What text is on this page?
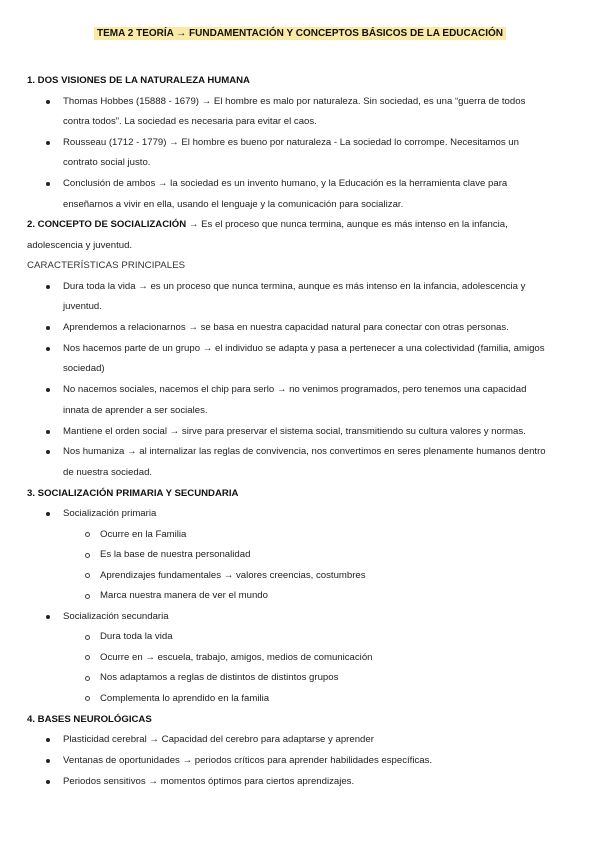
TEMA 2 TEORÍA → FUNDAMENTACIÓN Y CONCEPTOS BÁSICOS DE LA EDUCACIÓN

1. DOS VISIONES DE LA NATURALEZA HUMANA

Thomas Hobbes (15888 - 1679) → El hombre es malo por naturaleza. Sin sociedad, es una “guerra de todos contra todos”. La sociedad es necesaria para evitar el caos.
Rousseau (1712 - 1779) → El hombre es bueno por naturaleza - La sociedad lo corrompe. Necesitamos un contrato social justo.
Conclusión de ambos → la sociedad es un invento humano, y la Educación es la herramienta clave para enseñarnos a vivir en ella, usando el lenguaje y la comunicación para socializar.

2. CONCEPTO DE SOCIALIZACIÓN → Es el proceso que nunca termina, aunque es más intenso en la infancia, adolescencia y juventud.

CARACTERÍSTICAS PRINCIPALES

Dura toda la vida → es un proceso que nunca termina, aunque es más intenso en la infancia, adolescencia y juventud.
Aprendemos a relacionarnos → se basa en nuestra capacidad natural para conectar con otras personas.
Nos hacemos parte de un grupo → el individuo se adapta y pasa a pertenecer a una colectividad (familia, amigos sociedad)
No nacemos sociales, nacemos el chip para serlo → no venimos programados, pero tenemos una capacidad innata de aprender a ser sociales.
Mantiene el orden social → sirve para preservar el sistema social, transmitiendo su cultura valores y normas.
Nos humaniza → al internalizar las reglas de convivencia, nos convertimos en seres plenamente humanos dentro de nuestra sociedad.

3. SOCIALIZACIÓN PRIMARIA Y SECUNDARIA

Socialización primaria
Ocurre en la Familia
Es la base de nuestra personalidad
Aprendizajes fundamentales → valores creencias, costumbres
Marca nuestra manera de ver el mundo
Socialización secundaria
Dura toda la vida
Ocurre en → escuela, trabajo, amigos, medios de comunicación
Nos adaptamos a reglas de distintos de distintos grupos
Complementa lo aprendido en la familia

4. BASES NEUROLÓGICAS

Plasticidad cerebral → Capacidad del cerebro para adaptarse y aprender
Ventanas de oportunidades → periodos críticos para aprender habilidades específicas.
Periodos sensitivos → momentos óptimos para ciertos aprendizajes.
